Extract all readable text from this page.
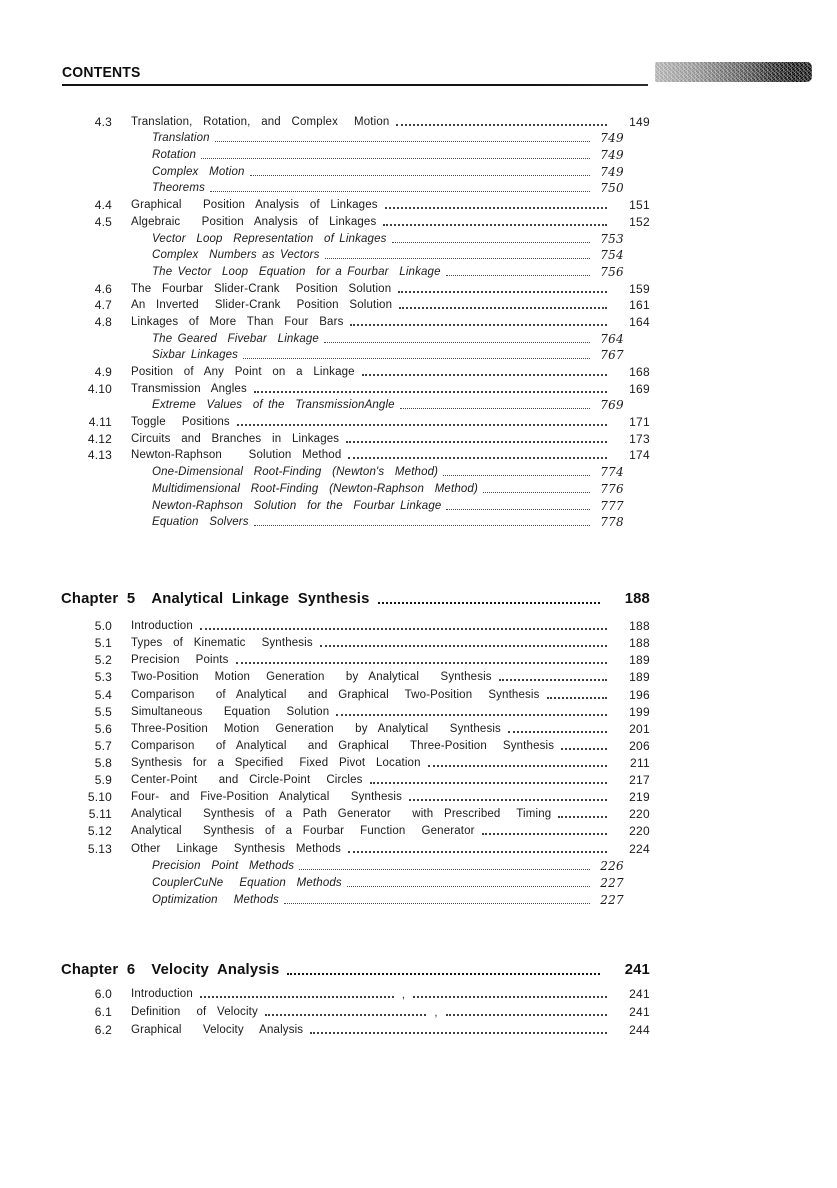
CONTENTS
4.3 Translation,  Rotation,  and  Complex   Motion	149
Translation	749
Rotation	749
Complex  Motion	749
Theorems	750
4.4 Graphical    Position  Analysis  of  Linkages	151
4.5 Algebraic    Position  Analysis  of  Linkages	152
Vector  Loop  Representation  of Linkages	753
Complex  Numbers as Vectors	754
The Vector  Loop  Equation  for a Fourbar  Linkage	756
4.6 The  Fourbar  Slider-Crank   Position  Solution	159
4.7 An  Inverted   Slider-Crank   Position  Solution	161
4.8 Linkages  of  More  Than  Four  Bars	164
The Geared  Fivebar  Linkage	764
Sixbar Linkages	767
4.9 Position  of  Any  Point  on  a  Linkage	168
4.10 Transmission  Angles	169
Extreme  Values  of the  TransmissionAngle	769
4.11 Toggle   Positions	171
4.12 Circuits  and  Branches  in  Linkages	173
4.13 Newton-Raphson     Solution  Method	174
One-Dimensional  Root-Finding  (Newton's  Method)	774
Multidimensional  Root-Finding  (Newton-Raphson  Method)	776
Newton-Raphson  Solution  for the  Fourbar Linkage	777
Equation  Solvers	778
Chapter  5 Analytical  Linkage  Synthesis	188
5.0 Introduction	188
5.1 Types  of  Kinematic   Synthesis	188
5.2 Precision   Points	189
5.3 Two-Position   Motion   Generation    by  Analytical    Synthesis	189
5.4 Comparison    of  Analytical    and  Graphical   Two-Position   Synthesis	196
5.5 Simultaneous    Equation   Solution	199
5.6 Three-Position   Motion   Generation    by  Analytical    Synthesis	201
5.7 Comparison    of  Analytical    and  Graphical    Three-Position   Synthesis	206
5.8 Synthesis  for  a  Specified   Fixed  Pivot  Location	211
5.9 Center-Point    and  Circle-Point   Circles	217
5.10 Four-  and  Five-Position  Analytical    Synthesis	219
5.11 Analytical    Synthesis  of  a  Path  Generator    with  Prescribed   Timing	220
5.12 Analytical    Synthesis  of  a  Fourbar   Function   Generator	220
5.13 Other   Linkage   Synthesis  Methods	224
Precision  Point  Methods	226
CouplerCuNe   Equation  Methods	227
Optimization   Methods	227
Chapter  6 Velocity  Analysis	241
6.0 Introduction	,	241
6.1 Definition   of  Velocity	,	241
6.2 Graphical    Velocity   Analysis	244
